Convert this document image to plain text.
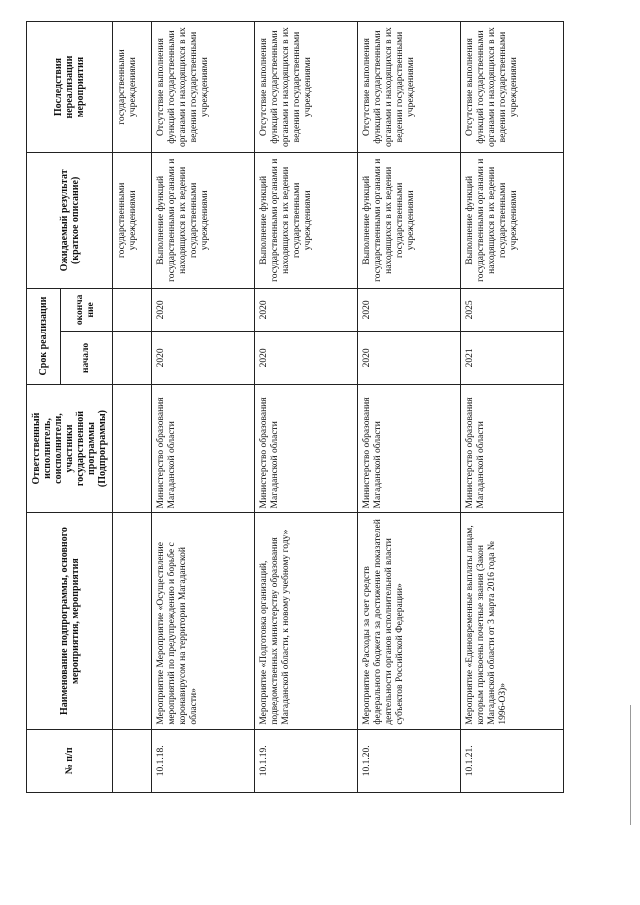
№ п/п	Наименование подпрограммы, основного мероприятия, мероприятия	Ответственный исполнитель, соисполнители, участники государственной программы (Подпрограммы)	Срок реализации		Ожидаемый результат (краткое описание)	Последствия нереализации мероприятия
			начало	окончание		
					государственными учреждениями	государственными учреждениями
10.1.18.	Мероприятие Мероприятие «Осуществление мероприятий по предупреждению и борьбе с коронавирусом на территории Магаданской области»	Министерство образования Магаданской области	2020	2020	Выполнение функций государственными органами и находящихся в их ведении государственными учреждениями	Отсутствие выполнения функций государственными органами и находящихся в их ведении государственными учреждениями
10.1.19.	Мероприятие «Подготовка организаций, подведомственных министерству образования Магаданской области, к новому учебному году»	Министерство образования Магаданской области	2020	2020	Выполнение функций государственными органами и находящихся в их ведении государственными учреждениями	Отсутствие выполнения функций государственными органами и находящихся в их ведении государственными учреждениями
10.1.20.	Мероприятие «Расходы за счет средств федерального бюджета за достижение показателей деятельности органов исполнительной власти субъектов Российской Федерации»	Министерство образования Магаданской области	2020	2020	Выполнение функций государственными органами и находящихся в их ведении государственными учреждениями	Отсутствие выполнения функций государственными органами и находящихся в их ведении государственными учреждениями
10.1.21.	Мероприятие «Единовременные выплаты лицам, которым присвоены почетные звания (Закон Магаданской области от 3 марта 2016 года № 1996-ОЗ)»	Министерство образования Магаданской области	2021	2025	Выполнение функций государственными органами и находящихся в их ведении государственными учреждениями	Отсутствие выполнения функций государственными органами и находящихся в их ведении государственными учреждениями
